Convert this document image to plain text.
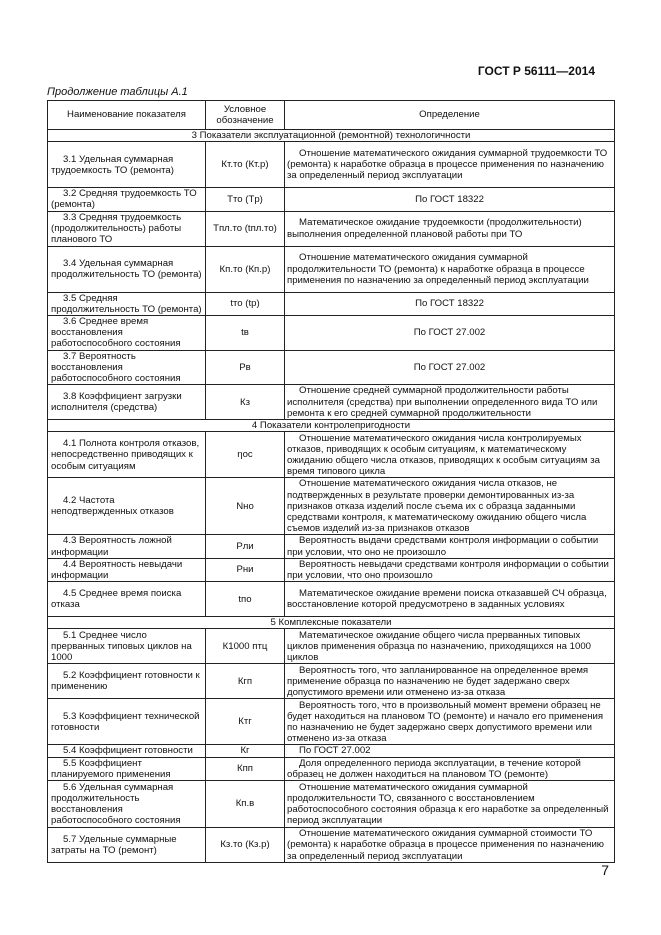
ГОСТ Р 56111—2014
Продолжение таблицы А.1
Наименование показателя	Условное обозначение	Определение
3 Показатели эксплуатационной (ремонтной) технологичности		
3.1 Удельная суммарная трудоемкость ТО (ремонта)	Кт.то (Кт.р)	Отношение математического ожидания суммарной трудоемкости ТО (ремонта) к наработке образца в процессе применения по назначению за определенный период эксплуатации
3.2 Средняя трудоемкость ТО (ремонта)	Tто (Tр)	По ГОСТ 18322
3.3 Средняя трудоемкость (продолжительность) работы планового ТО	Tпл.то (tпл.то)	Математическое ожидание трудоемкости (продолжительности) выполнения определенной плановой работы при ТО
3.4 Удельная суммарная продолжительность ТО (ремонта)	Кп.то (Кп.р)	Отношение математического ожидания суммарной продолжительности ТО (ремонта) к наработке образца в процессе применения по назначению за определенный период эксплуатации
3.5 Средняя продолжительность ТО (ремонта)	tто (tр)	По ГОСТ 18322
3.6 Среднее время восстановления работоспособного состояния	tв	По ГОСТ 27.002
3.7 Вероятность восстановления работоспособного состояния	Рв	По ГОСТ 27.002
3.8 Коэффициент загрузки исполнителя (средства)	Кз	Отношение средней суммарной продолжительности работы исполнителя (средства) при выполнении определенного вида ТО или ремонта к его средней суммарной продолжительности
4 Показатели контролепригодности		
4.1 Полнота контроля отказов, непосредственно приводящих к особым ситуациям	ηос	Отношение математического ожидания числа контролируемых отказов, приводящих к особым ситуациям, к математическому ожиданию общего числа отказов, приводящих к особым ситуациям за время типового цикла
4.2 Частота неподтвержденных отказов	Nно	Отношение математического ожидания числа отказов, не подтвержденных в результате проверки демонтированных из-за признаков отказа изделий после съема их с образца заданными средствами контроля, к математическому ожиданию общего числа съемов изделий из-за признаков отказов
4.3 Вероятность ложной информации	Рли	Вероятность выдачи средствами контроля информации о событии при условии, что оно не произошло
4.4 Вероятность невыдачи информации	Рни	Вероятность невыдачи средствами контроля информации о событии при условии, что оно произошло
4.5 Среднее время поиска отказа	tпо	Математическое ожидание времени поиска отказавшей СЧ образца, восстановление которой предусмотрено в заданных условиях
5 Комплексные показатели		
5.1 Среднее число прерванных типовых циклов на 1000	К1000 птц	Математическое ожидание общего числа прерванных типовых циклов применения образца по назначению, приходящихся на 1000 циклов
5.2 Коэффициент готовности к применению	Кгп	Вероятность того, что запланированное на определенное время применение образца по назначению не будет задержано сверх допустимого времени или отменено из-за отказа
5.3 Коэффициент технической готовности	Ктг	Вероятность того, что в произвольный момент времени образец не будет находиться на плановом ТО (ремонте) и начало его применения по назначению не будет задержано сверх допустимого времени или отменено из-за отказа
5.4 Коэффициент готовности	Кг	По ГОСТ 27.002
5.5 Коэффициент планируемого применения	Кпп	Доля определенного периода эксплуатации, в течение которой образец не должен находиться на плановом ТО (ремонте)
5.6 Удельная суммарная продолжительность восстановления работоспособного состояния	Кп.в	Отношение математического ожидания суммарной продолжительности ТО, связанного с восстановлением работоспособного состояния образца к его наработке за определенный период эксплуатации
5.7 Удельные суммарные затраты на ТО (ремонт)	Кз.то (Кз.р)	Отношение математического ожидания суммарной стоимости ТО (ремонта) к наработке образца в процессе применения по назначению за определенный период эксплуатации
7
